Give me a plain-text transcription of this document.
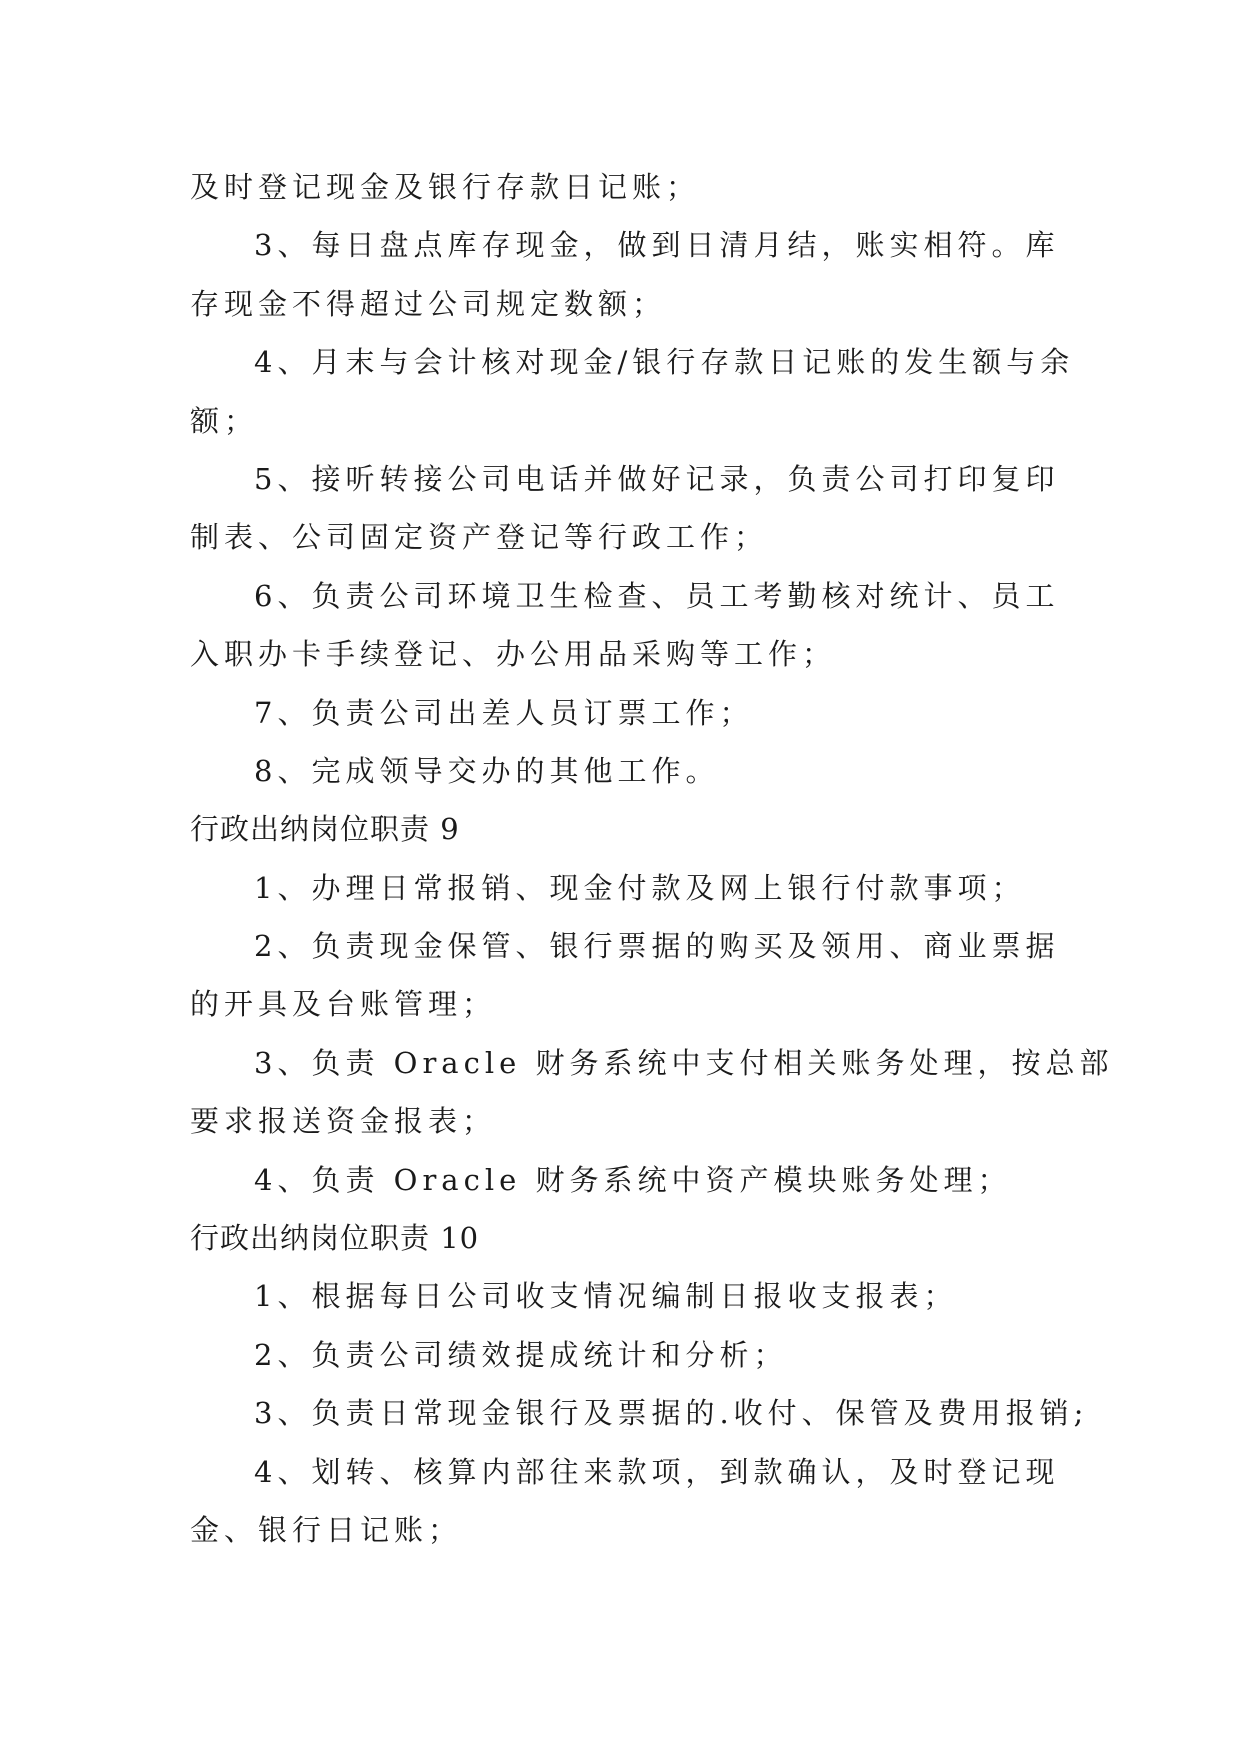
及时登记现金及银行存款日记账；
3、每日盘点库存现金，做到日清月结，账实相符。库
存现金不得超过公司规定数额；
4、月末与会计核对现金/银行存款日记账的发生额与余
额；
5、接听转接公司电话并做好记录，负责公司打印复印
制表、公司固定资产登记等行政工作；
6、负责公司环境卫生检查、员工考勤核对统计、员工
入职办卡手续登记、办公用品采购等工作；
7、负责公司出差人员订票工作；
8、完成领导交办的其他工作。
行政出纳岗位职责 9
1、办理日常报销、现金付款及网上银行付款事项；
2、负责现金保管、银行票据的购买及领用、商业票据
的开具及台账管理；
3、负责 Oracle 财务系统中支付相关账务处理，按总部
要求报送资金报表；
4、负责 Oracle 财务系统中资产模块账务处理；
行政出纳岗位职责 10
1、根据每日公司收支情况编制日报收支报表；
2、负责公司绩效提成统计和分析；
3、负责日常现金银行及票据的.收付、保管及费用报销;
4、划转、核算内部往来款项，到款确认，及时登记现
金、银行日记账；
